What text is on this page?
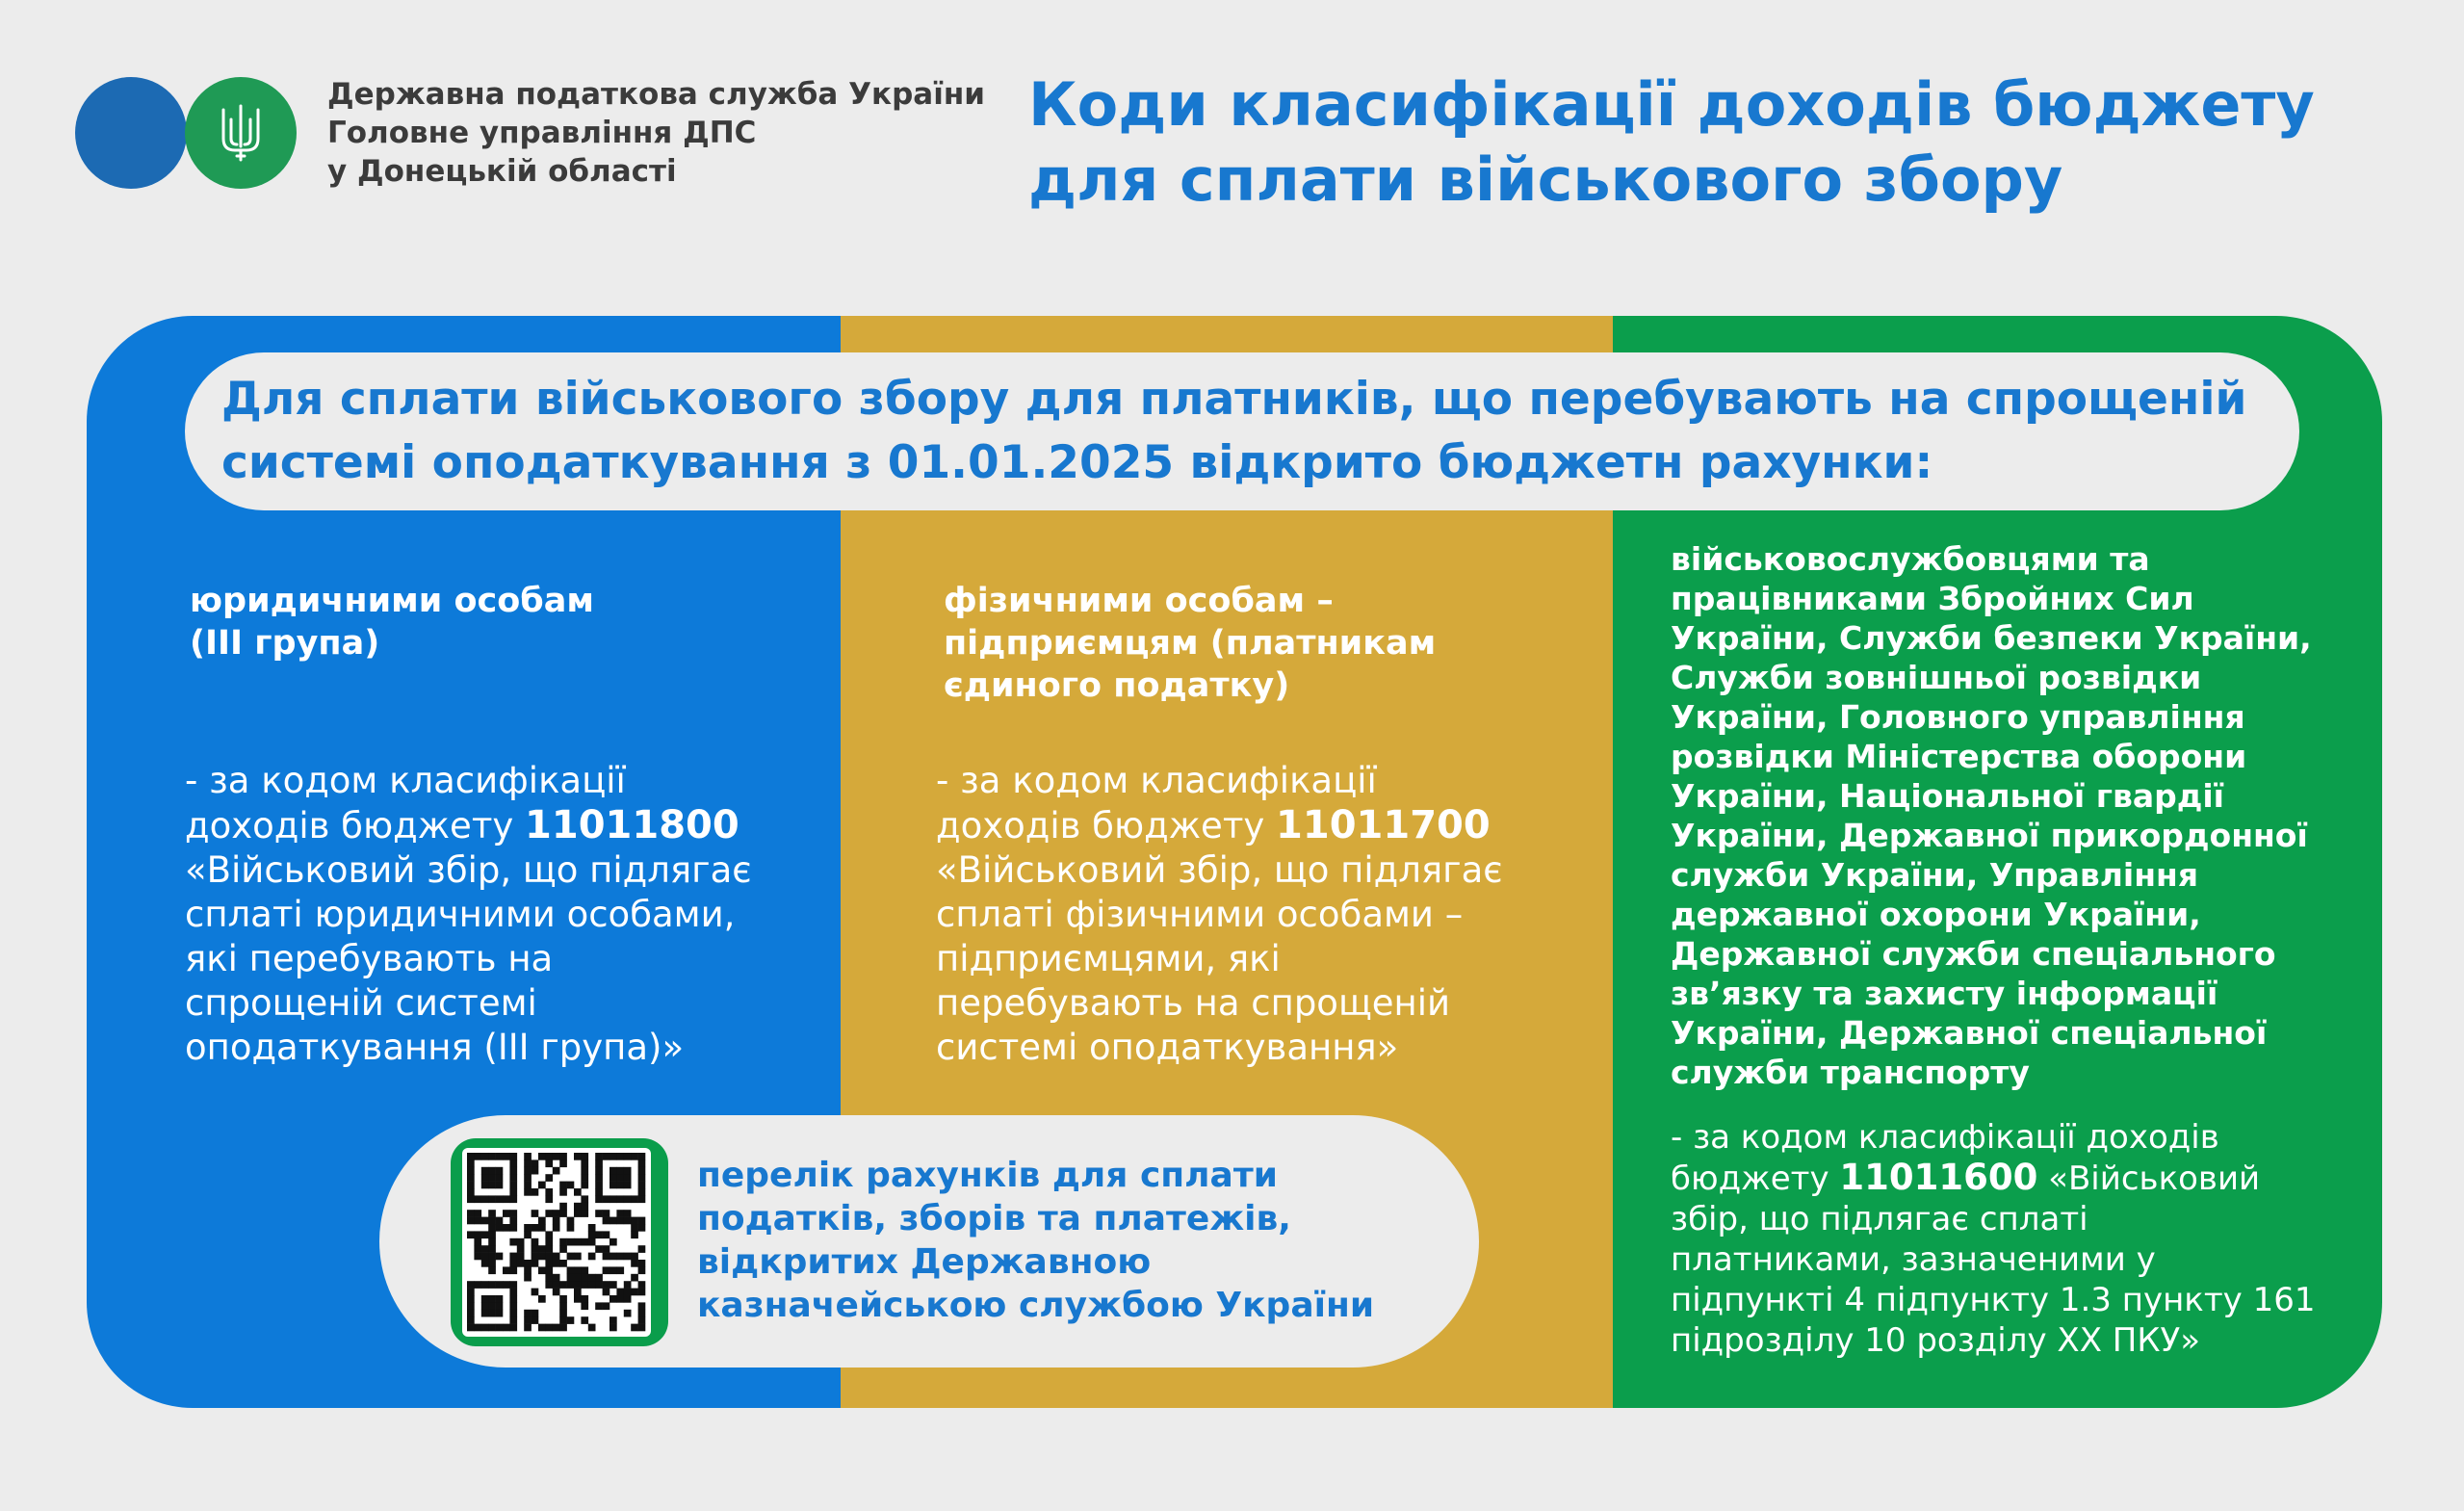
Державна податкова служба України
Головне управління ДПС
у Донецькій області
Коди класифікації доходів бюджету
для сплати військового збору
Для сплати військового збору для платників, що перебувають на спрощеній
системі оподаткування з 01.01.2025 відкрито бюджетн рахунки:
юридичними особам
(ІІІ група)
- за кодом класифікації
доходів бюджету 11011800
«Військовий збір, що підлягає
сплаті юридичними особами,
які перебувають на
спрощеній системі
оподаткування (ІІІ група)»
фізичними особам –
підприємцям (платникам
єдиного податку)
- за кодом класифікації
доходів бюджету 11011700
«Військовий збір, що підлягає
сплаті фізичними особами –
підприємцями, які
перебувають на спрощеній
системі оподаткування»
військовослужбовцями та
працівниками Збройних Сил
України, Служби безпеки України,
Служби зовнішньої розвідки
України, Головного управління
розвідки Міністерства оборони
України, Національної гвардії
України, Державної прикордонної
служби України, Управління
державної охорони України,
Державної служби спеціального
зв’язку та захисту інформації
України, Державної спеціальної
служби транспорту
- за кодом класифікації доходів
бюджету 11011600 «Військовий
збір, що підлягає сплаті
платниками, зазначеними у
підпункті 4 підпункту 1.3 пункту 161
підрозділу 10 розділу XX ПКУ»
перелік рахунків для сплати
податків, зборів та платежів,
відкритих Державною
казначейською службою України
